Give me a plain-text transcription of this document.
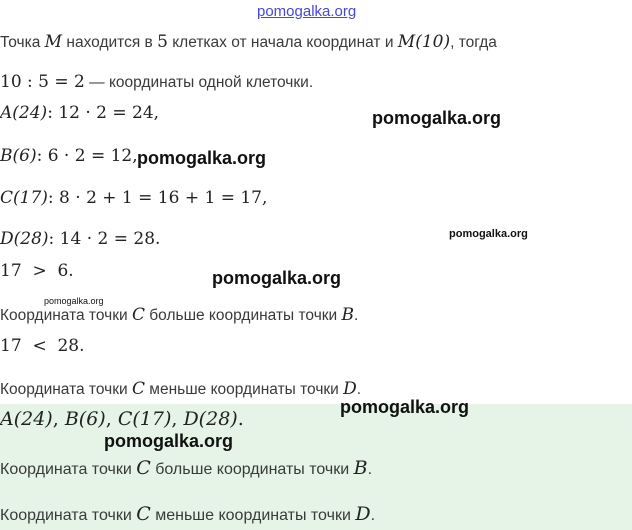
pomogalka.org
Точка M находится в 5 клетках от начала координат и M(10), тогда
10 : 5 = 2 — координаты одной клеточки.
A(24): 12 · 2 = 24,
B(6): 6 · 2 = 12,
C(17): 8 · 2 + 1 = 16 + 1 = 17,
D(28): 14 · 2 = 28.
17  >  6.
Координата точки C больше координаты точки B.
17  <  28.
Координата точки C меньше координаты точки D.
A(24), B(6), C(17), D(28).
Координата точки C больше координаты точки B.
Координата точки C меньше координаты точки D.
pomogalka.org
pomogalka.org
pomogalka.org
pomogalka.org
pomogalka.org
pomogalka.org
pomogalka.org
